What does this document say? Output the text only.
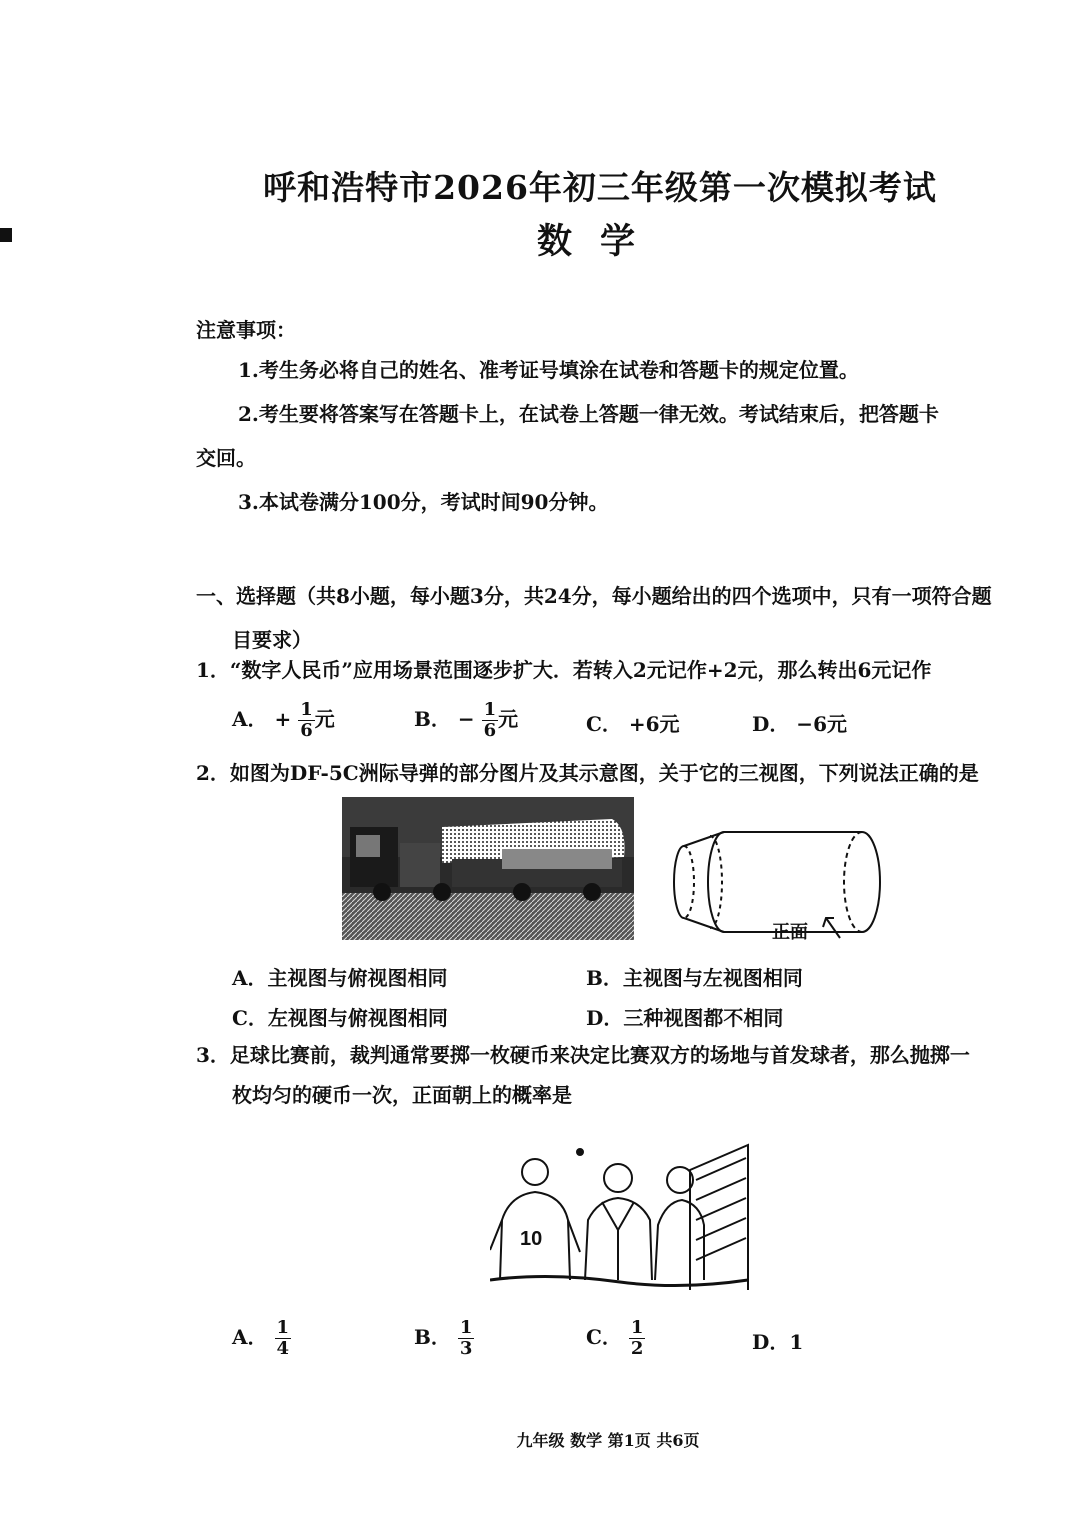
呼和浩特市2026年初三年级第一次模拟考试
数学
注意事项：
1.考生务必将自己的姓名、准考证号填涂在试卷和答题卡的规定位置。
2.考生要将答案写在答题卡上，在试卷上答题一律无效。考试结束后，把答题卡
交回。
3.本试卷满分100分，考试时间90分钟。
一、选择题（共8小题，每小题3分，共24分，每小题给出的四个选项中，只有一项符合题
目要求）
1．“数字人民币”应用场景范围逐步扩大．若转入2元记作+2元，那么转出6元记作
A． + $\frac{1}{6}$ 元	B． − $\frac{1}{6}$ 元	C． +6元	D． −6元
2．如图为DF-5C洲际导弹的部分图片及其示意图，关于它的三视图，下列说法正确的是
正面
A．主视图与俯视图相同	B．主视图与左视图相同
C．左视图与俯视图相同	D．三种视图都不相同
3．足球比赛前，裁判通常要掷一枚硬币来决定比赛双方的场地与首发球者，那么抛掷一
枚均匀的硬币一次，正面朝上的概率是
10
A． $\frac{1}{4}$	B． $\frac{1}{3}$	C． $\frac{1}{2}$	D．1
九年级 数学 第1页 共6页
